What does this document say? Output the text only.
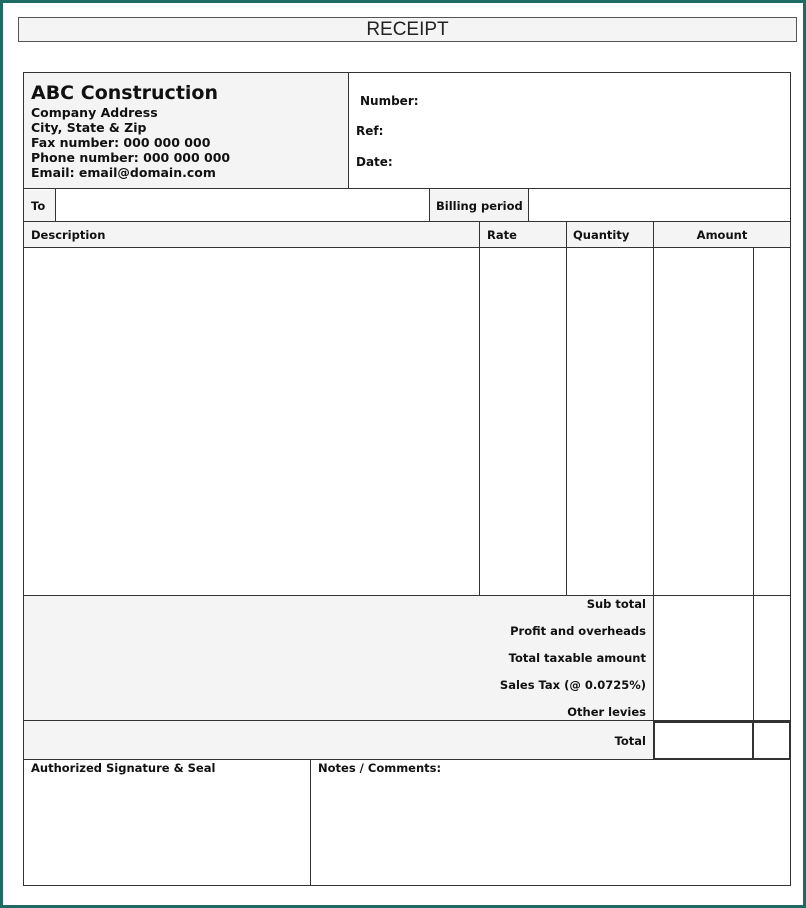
RECEIPT
ABC Construction
Company Address
City, State & Zip
Fax number: 000 000 000
Phone number: 000 000 000
Email: email@domain.com
Number:
Ref:
Date:
To	Billing period
Description	Rate	Quantity	Amount
Sub total
Profit and overheads
Total taxable amount
Sales Tax (@ 0.0725%)
Other levies
Total
Authorized Signature & Seal	Notes / Comments:
